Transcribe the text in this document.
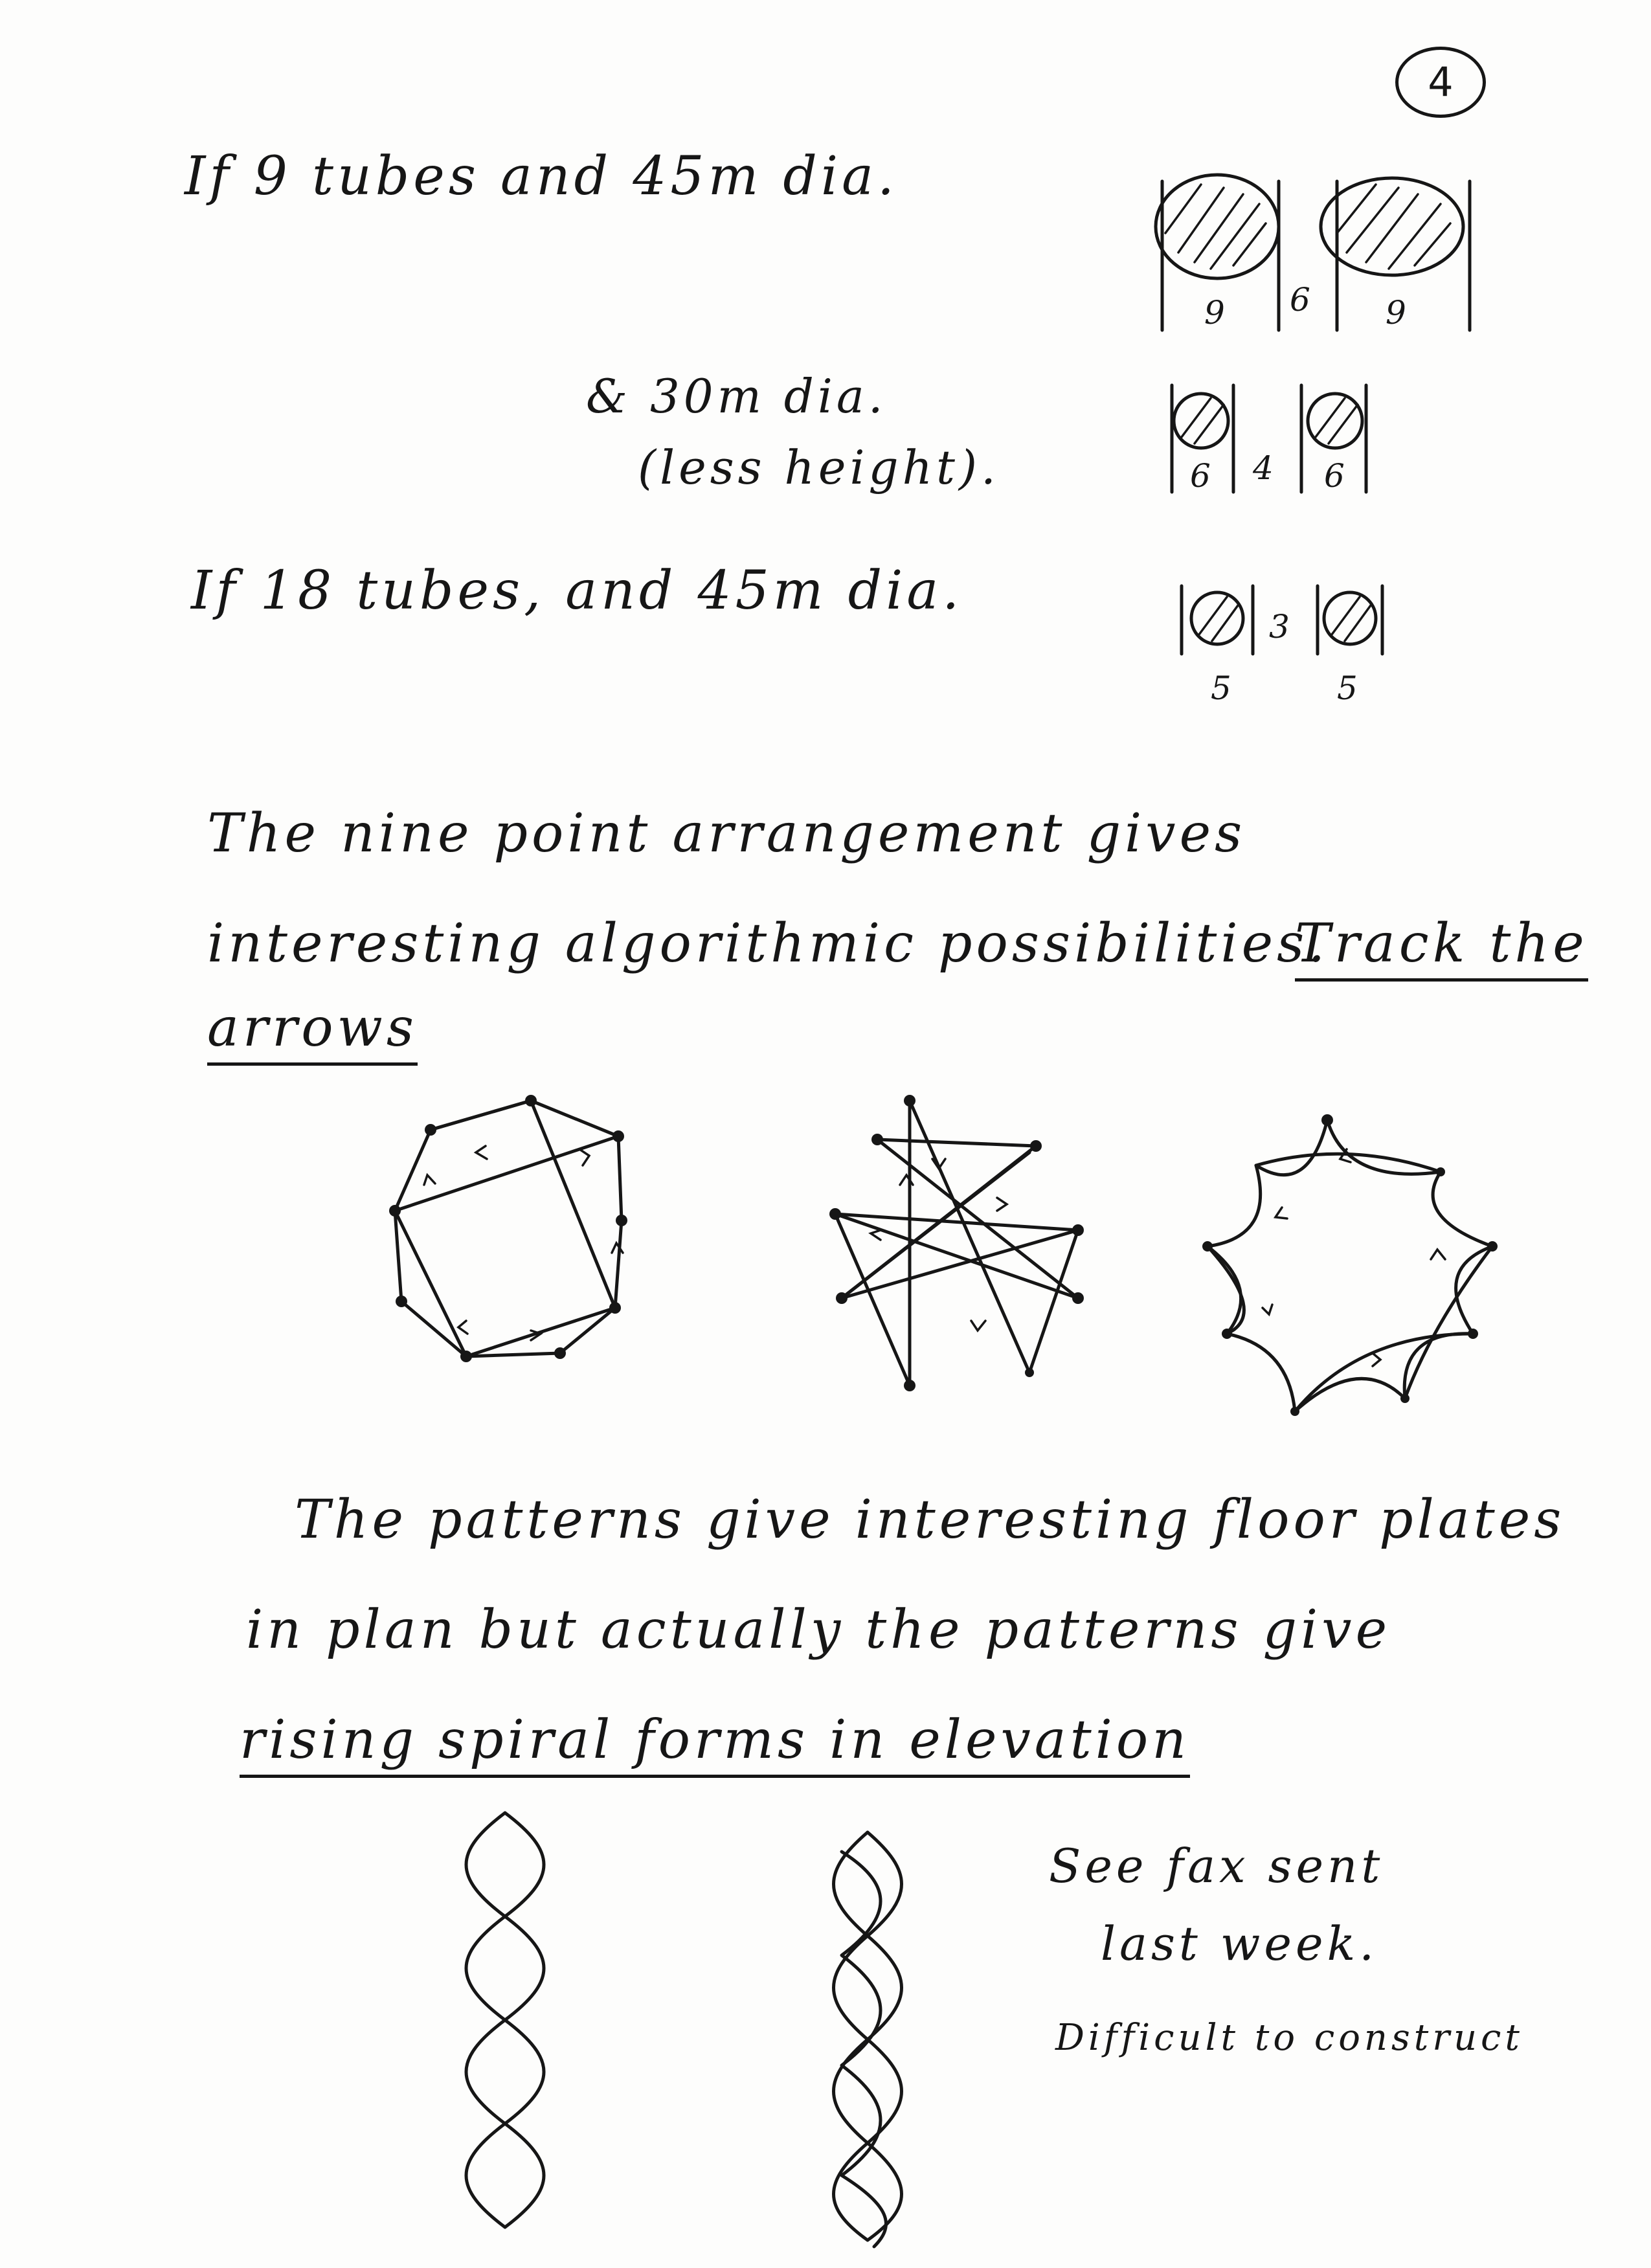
4
If 9 tubes and 45m dia.
& 30m dia.
(less height).
If 18 tubes, and 45m dia.
The nine point arrangement gives
interesting algorithmic possibilities.
Track the
arrows
The patterns give interesting floor plates
in plan but actually the patterns give
rising spiral forms in elevation
See fax sent
last week.
Difficult to construct
9 6 9
6 4 6
3
5	5
